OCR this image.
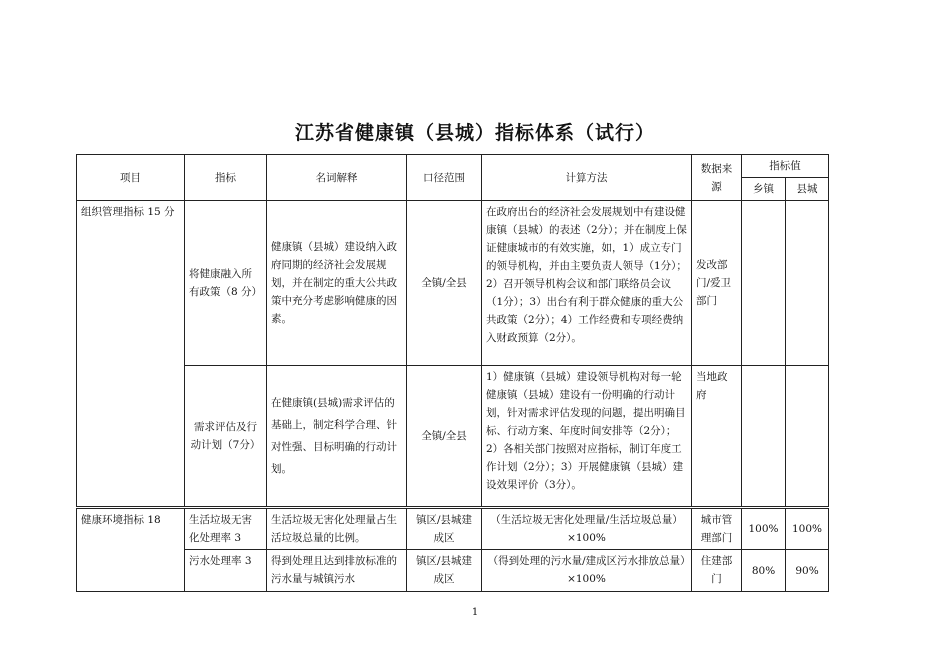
江苏省健康镇（县城）指标体系（试行）
项目	指标	名词解释	口径范围	计算方法	数据来源	指标值	
						乡镇	县城
组织管理指标 15 分	将健康融入所有政策（8 分）	健康镇（县城）建设纳入政府同期的经济社会发展规划，并在制定的重大公共政策中充分考虑影响健康的因素。	全镇/全县	在政府出台的经济社会发展规划中有建设健康镇（县城）的表述（2分）；并在制度上保证健康城市的有效实施，如，1）成立专门的领导机构，并由主要负责人领导（1分）；2）召开领导机构会议和部门联络员会议（1分）；3）出台有利于群众健康的重大公共政策（2分）；4）工作经费和专项经费纳入财政预算（2分）。	发改部门/爱卫部门		
	需求评估及行动计划（7分）	在健康镇(县城)需求评估的基础上，制定科学合理、针对性强、目标明确的行动计划。	全镇/全县	1）健康镇（县城）建设领导机构对每一轮健康镇（县城）建设有一份明确的行动计划，针对需求评估发现的问题，提出明确目标、行动方案、年度时间安排等（2分）；2）各相关部门按照对应指标，制订年度工作计划（2分）；3）开展健康镇（县城）建设效果评价（3分）。	当地政府		
健康环境指标 18	生活垃圾无害化处理率 3	生活垃圾无害化处理量占生活垃圾总量的比例。	镇区/县城建成区	（生活垃圾无害化处理量/生活垃圾总量）×100%	城市管理部门	100%	100%
	污水处理率 3	得到处理且达到排放标准的污水量与城镇污水	镇区/县城建成区	（得到处理的污水量/建成区污水排放总量）×100%	住建部门	80%	90%
1
